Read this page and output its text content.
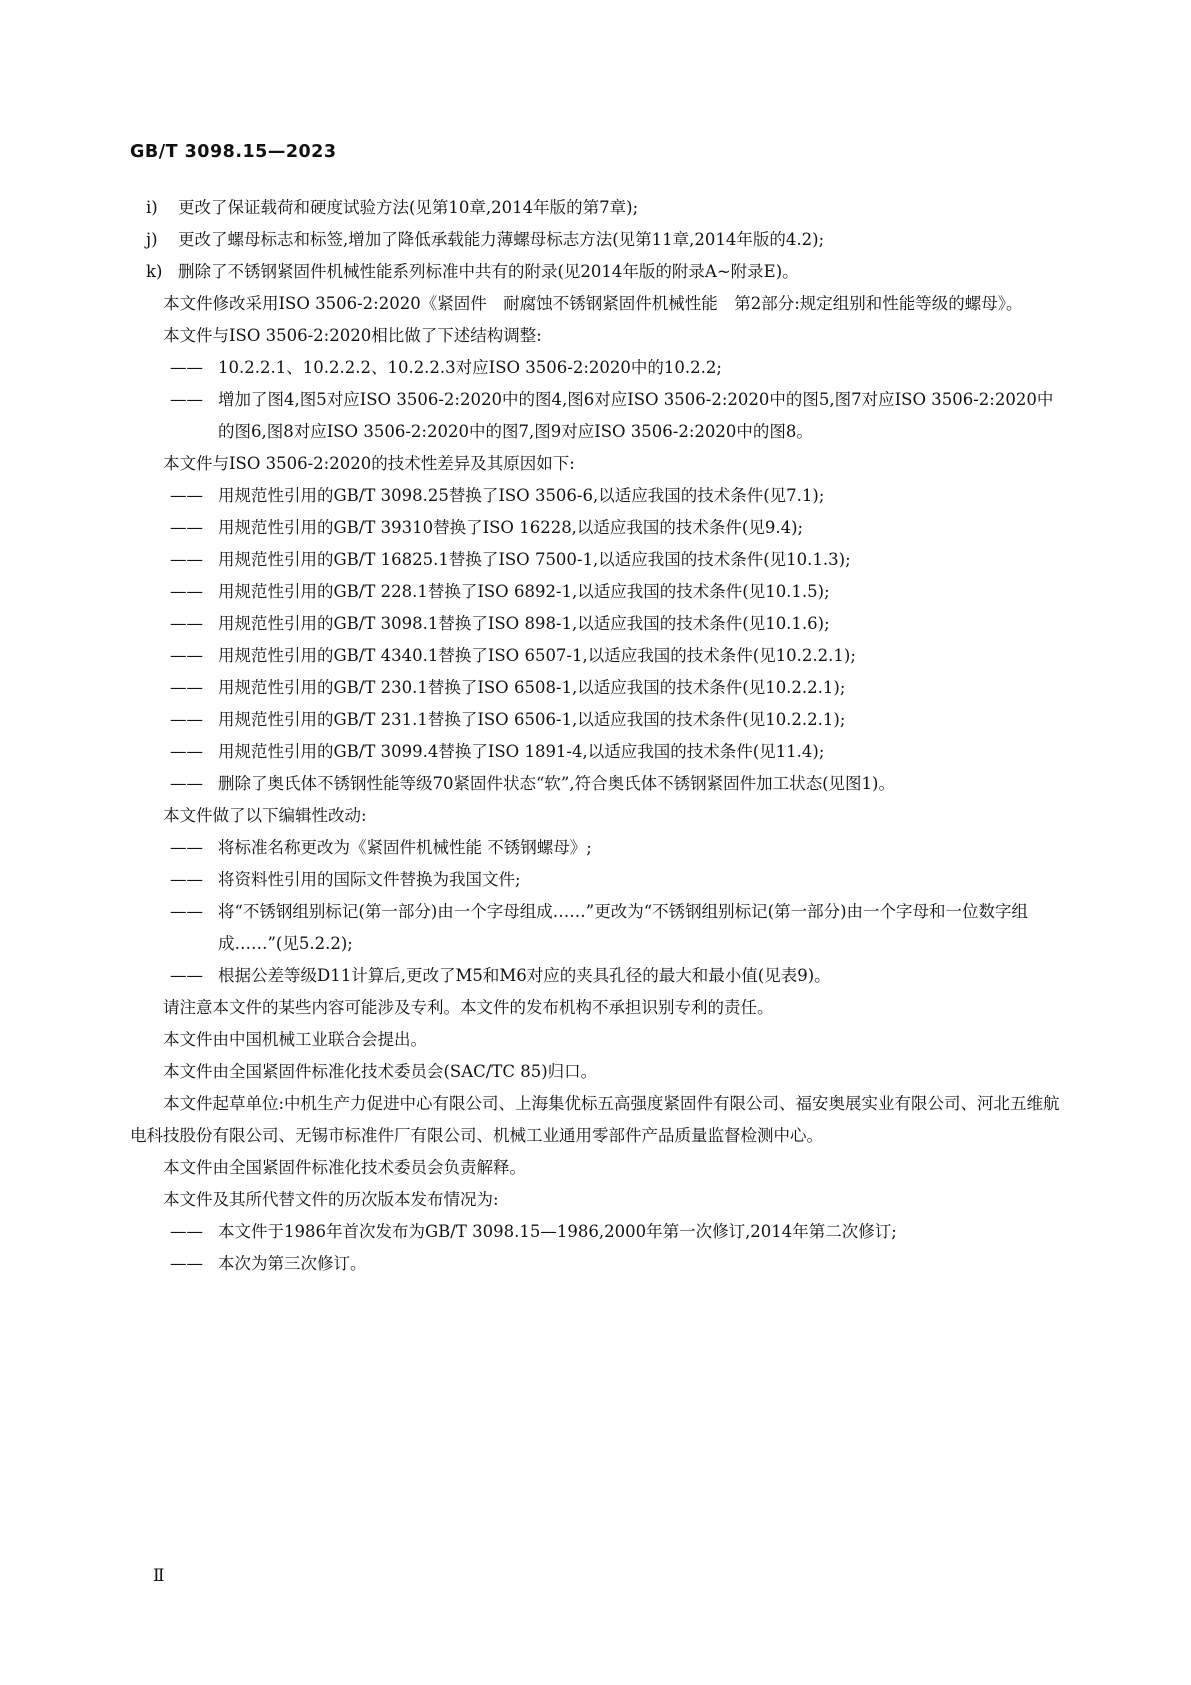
GB/T 3098.15—2023
i)	更改了保证载荷和硬度试验方法(见第10章,2014年版的第7章);
j)	更改了螺母标志和标签,增加了降低承载能力薄螺母标志方法(见第11章,2014年版的4.2);
k) 删除了不锈钢紧固件机械性能系列标准中共有的附录(见2014年版的附录A~附录E)。

本文件修改采用ISO 3506-2:2020《紧固件　耐腐蚀不锈钢紧固件机械性能　第2部分:规定组别和性能等级的螺母》。

本文件与ISO 3506-2:2020相比做了下述结构调整:

—— 10.2.2.1、10.2.2.2、10.2.2.3对应ISO 3506-2:2020中的10.2.2;
—— 增加了图4,图5对应ISO 3506-2:2020中的图4,图6对应ISO 3506-2:2020中的图5,图7对应ISO 3506-2:2020中的图6,图8对应ISO 3506-2:2020中的图7,图9对应ISO 3506-2:2020中的图8。

本文件与ISO 3506-2:2020的技术性差异及其原因如下:

—— 用规范性引用的GB/T 3098.25替换了ISO 3506-6,以适应我国的技术条件(见7.1);
—— 用规范性引用的GB/T 39310替换了ISO 16228,以适应我国的技术条件(见9.4);
—— 用规范性引用的GB/T 16825.1替换了ISO 7500-1,以适应我国的技术条件(见10.1.3);
—— 用规范性引用的GB/T 228.1替换了ISO 6892-1,以适应我国的技术条件(见10.1.5);
—— 用规范性引用的GB/T 3098.1替换了ISO 898-1,以适应我国的技术条件(见10.1.6);
—— 用规范性引用的GB/T 4340.1替换了ISO 6507-1,以适应我国的技术条件(见10.2.2.1);
—— 用规范性引用的GB/T 230.1替换了ISO 6508-1,以适应我国的技术条件(见10.2.2.1);
—— 用规范性引用的GB/T 231.1替换了ISO 6506-1,以适应我国的技术条件(见10.2.2.1);
—— 用规范性引用的GB/T 3099.4替换了ISO 1891-4,以适应我国的技术条件(见11.4);
—— 删除了奥氏体不锈钢性能等级70紧固件状态“软”,符合奥氏体不锈钢紧固件加工状态(见图1)。

本文件做了以下编辑性改动:

—— 将标准名称更改为《紧固件机械性能 不锈钢螺母》;
—— 将资料性引用的国际文件替换为我国文件;
—— 将“不锈钢组别标记(第一部分)由一个字母组成……”更改为“不锈钢组别标记(第一部分)由一个字母和一位数字组成……”(见5.2.2);
—— 根据公差等级D11计算后,更改了M5和M6对应的夹具孔径的最大和最小值(见表9)。

请注意本文件的某些内容可能涉及专利。本文件的发布机构不承担识别专利的责任。

本文件由中国机械工业联合会提出。

本文件由全国紧固件标准化技术委员会(SAC/TC 85)归口。

本文件起草单位:中机生产力促进中心有限公司、上海集优标五高强度紧固件有限公司、福安奥展实业有限公司、河北五维航电科技股份有限公司、无锡市标准件厂有限公司、机械工业通用零部件产品质量监督检测中心。

本文件由全国紧固件标准化技术委员会负责解释。

本文件及其所代替文件的历次版本发布情况为:

—— 本文件于1986年首次发布为GB/T 3098.15—1986,2000年第一次修订,2014年第二次修订;
—— 本次为第三次修订。
Ⅱ
